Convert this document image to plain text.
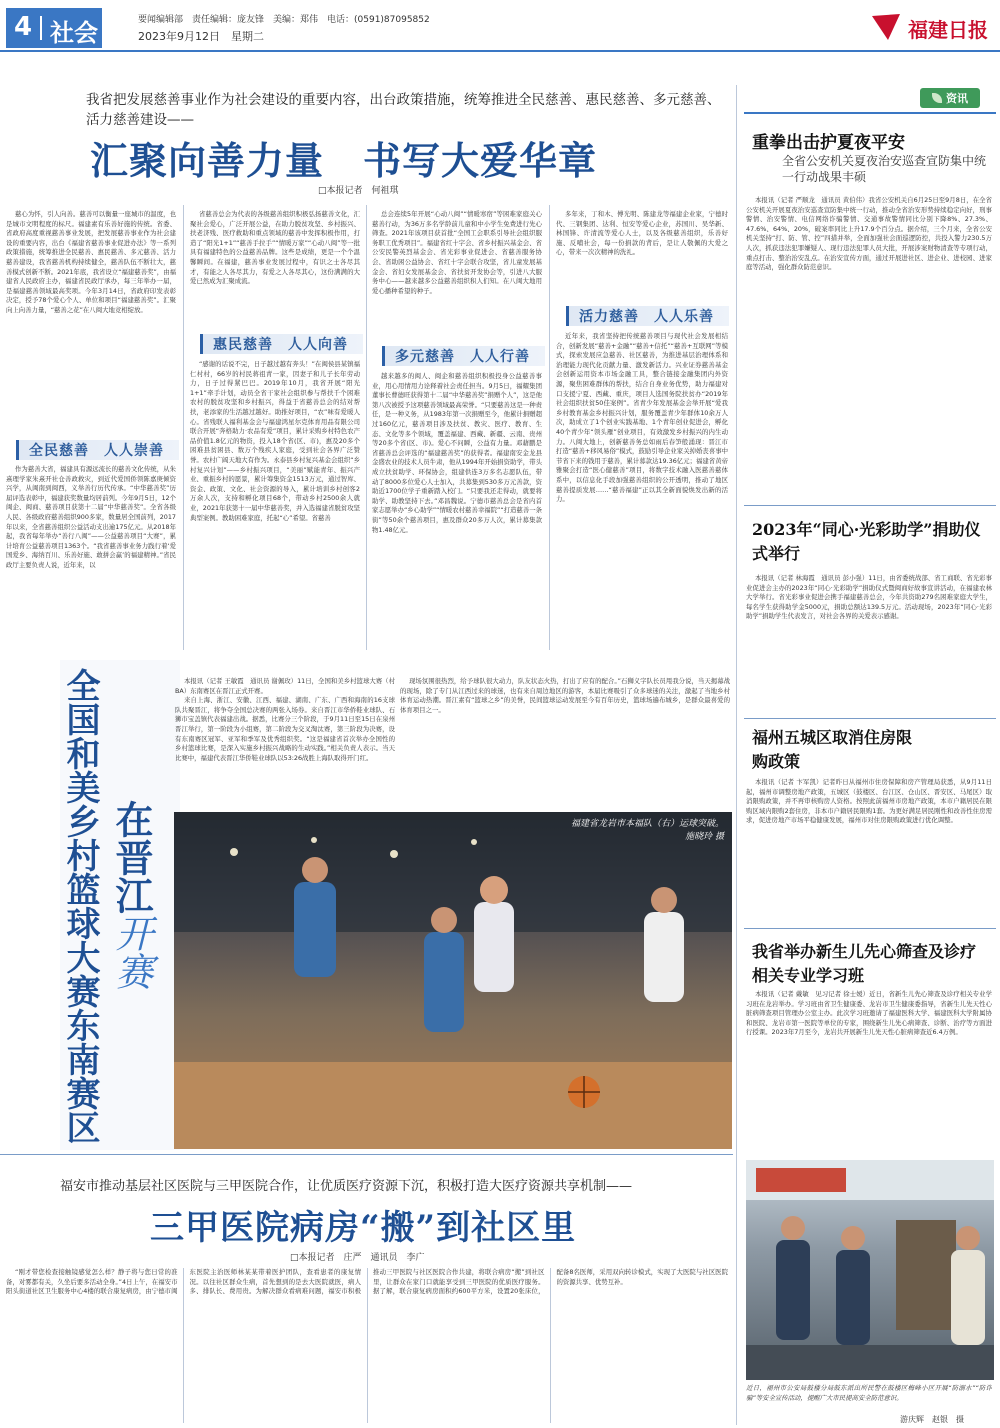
4 社会	要闻编辑部　责任编辑：庞友锋　美编：郑伟　电话：(0591)87095852
2023年9月12日　星期二	福建日报
我省把发展慈善事业作为社会建设的重要内容，出台政策措施，统筹推进全民慈善、惠民慈善、多元慈善、活力慈善建设——
汇聚向善力量　书写大爱华章
□本报记者　何祖琪

慈心为怀，引人向善。慈善可以衡量一座城市的温度，也是城市文明程度的标尺。福建素有乐善好施的传统。省委、省政府高度重视慈善事业发展，把发展慈善事业作为社会建设的重要内容，出台《福建省慈善事业促进办法》等一系列政策措施，统筹推进全民慈善、惠民慈善、多元慈善、活力慈善建设，我省慈善机构持续健全，慈善队伍不断壮大，慈善模式创新不断。2021年底，我省设立“福建慈善奖”，由福建省人民政府主办，福建省民政厅承办，每三年举办一届，是福建慈善领域最高奖项。今年3月14日，省政府印发表彰决定，授予78个爱心个人、单位和项目“福建慈善奖”。汇聚向上向善力量，“慈善之花”在八闽大地竞相绽放。

全民慈善　人人崇善

作为慈善大省，福建具有源远流长的慈善文化传统，从朱熹理学家朱熹开社仓善政救灾，到近代爱国侨领陈嘉庚倾资兴学，从闽南到闽西，义举善行历代传承。“中华慈善奖”历届评选表彰中，福建获奖数量均居前列。今年9月5日，12个闽企、闽商、慈善项目获第十二届“中华慈善奖”。全省各级人民、各级政府慈善组织900多家，数量居全国前列，2017年以来，全省慈善组织公益活动支出逾175亿元。从2018年起，我省每年举办“善行八闽”——公益慈善项目“大赛”，累计培育公益慈善项目1363个。“我省慈善事业务力践行着‘爱国爱乡、海纳百川、乐善好施、敢拼会赢’的福建精神。”省民政厅主要负责人说，近年来，以

省慈善总会为代表的各级慈善组织积极弘扬慈善文化，汇聚社会爱心，广泛开展公益，在助力脱贫攻坚、乡村振兴、扶老济残、医疗救助和重点领域的慈善中发挥积极作用，打造了“阳光1+1”“慈善手拉手”“情暖万家”“心动八闽”等一批具有福建特色的公益慈善品牌。这些是成绩，更是一个个温馨瞬间。在福建，慈善事业发展过程中，有识之士各尽其才，有能之人各尽其力，有爱之人各尽其心，这份满满的大爱已然成为汇聚成流。

惠民慈善　人人向善

“感谢的话说不完，日子越过越有奔头！”在闽侯县某镇福仁村村，66岁的村民蒋祖青一家，因妻子和儿子长年劳动力，日子过得紧巴巴。2019年10月，我省开展“阳光1+1”牵手计划，动员全省干家社会组织参与帮扶千个困难农村的脱贫攻坚和乡村振兴，得益于省慈善总会的结对帮扶，老添家的生活越过越好。助推好项目，“农”味有爱暖人心。省残联人福利基金会与福建鸿星尔克体育用品有限公司联合开展“奔格助力·农品有爱”项目，累计采购乡村特色农产品价值1.8亿元的物资，投入18个省(区、市)，惠及20多个困难县贫困县、数万个残疾人家庭，受到社会各界广泛赞誉。农村广阔天地大有作为。永泰县乡村复兴基金会组织“乡村复兴计划”——乡村振兴项目，“美丽”赋能青年、振兴产业、重振乡村的愿景，累计筹集资金1513万元，通过智库、资金、政策、文化、社会资源的导入，累计培训乡村创客2万余人次，支持和孵化项目68个，带动乡村2500余人就业，2021年获第十一届中华慈善奖，并入选福建省脱贫攻坚典型案例。教助困难家庭，托起“心”希望。省慈善

总会连续5年开展“心动八闽”“情暖寒宿”等困难家庭关心慈善行动，为36万多名学龄前儿童和中小学生免费进行先心筛查。2021年该项目获首批“全国工会职系引导社会组织服务职工优秀项目”。福建省红十字会、省乡村振兴基金会、省公安民警英烈基金会、省光彩事业促进会、省慈善服务协会、省助困公益协会、省红十字会联合攻坚，省儿童发展基金会、省妇女发展基金会、省扶贫开发协会等，引进八大服务中心——越来越多公益慈善组织积人们知。在八闽大地用爱心播种希望的种子。

多元慈善　人人行善

越来越多的闽人、闽企和慈善组织积极投身公益慈善事业，用心用情用力诠释着社会责任担当。9月5日，福耀集团董事长曹德旺获得第十二届“中华慈善奖”捐赠个人”，这是他第八次被授予这项慈善领域最高荣誉。“只要慈善这是一种责任，是一种义务，从1983年第一次捐赠至今，他累计捐赠超过160亿元，慈善项目涉及扶贫、教灾、医疗、教育、生态、文化等多个领域，覆盖福建、西藏、新疆、云南、贵州等20多个省(区、市)。爱心不问瞬，公益有力量。邓藉鹏是省慈善总会评选的“福建慈善奖”的获得者。福建南安金龙县金盛农业的技术人员牛肃，他从1994年开始捐资助学，带头成立扶贫助学、环保协会，组建供连3万多名志愿队伍，带动了8000多位爱心人士加入，共募集到530多万元善款，资助近1700位学子重新踏入校门。“只要我还走得动，就要将助学、助教坚持下去。”邓昌魏说。宁德市慈善总会是省内首家志愿举办“乡心助学”“情暖农村慈善幸福院”“打造慈善一条街”等50余个慈善项目，惠及群众20多万人次，累计募集款物1.48亿元。

多年来，丁和木、傅光明、陈建龙等福建企业家，宁德时代、三钢集团、达利、恒安等爱心企业，苏国川、吴华新、林国锋、许清流等爱心人士，以及各级慈善组织，乐善好施、反哺社会，每一份捐款的背后，是让人敬佩的大爱之心，带来一次次精神的洗礼。

活力慈善　人人乐善

近年来，我省坚持把传统慈善项目与现代社会发展相结合，创新发展“慈善+金融”“慈善+信托”“慈善+互联网”等模式，探索发展应急慈善、社区慈善，为推进基层治理体系和治理能力现代化贡献力量、激发新活力。兴业证券慈善基金会创新运用资本市场金融工具，整合链接金融集团内外资源，聚焦困难群体的帮扶，结合自身业务优势，助力福建对口支援宁夏、西藏、重庆，项目人选国务院扶贫办“2019年社会组织扶贫50佳案例”。省青少年发展基金会举开展“爱我乡村教育基金乡村振兴计划，服务覆盖青少年群体10余万人次，助成立了1个创业实践基地、1个青年创业促进会，孵化40个青少年“领头雁”创业项目，有效激发乡村振兴的内生动力。八闽大地上，创新慈善务总如雨后春笋般涌现：晋江市打造“慈善+移风易俗”模式，鼓励引导企业家关掉婚丧喜事中节省下来的钱用于慈善，累计募款达19.36亿元；福建省黄帝雅聚会打造“医心健慈善”项目，将数字技术融入医慈善慈体系中，以信息化手段加强慈善组织的公开透明，推动了地区慈善提质发展……“慈善福建”正以其全新面貌焕发出新的活力。

全国和美乡村篮球大赛东南赛区 在晋江开赛

本报讯（记者 王敏霞　通讯员 谢佩玫）11日，全国和美乡村篮球大赛（村BA）东南赛区在晋江正式开赛。

来自上海、浙江、安徽、江西、福建、湖南、广东、广西和海南的16支球队共聚晋江，将争夺全国总决赛的两张入场券。来自晋江市华侨鞋业球队、石狮市宝盖镇代表福建出战。据悉，比赛分三个阶段，于9月11日至15日在泉州晋江举行，第一阶段为小组赛，第二阶段为交叉淘汰赛，第三阶段为决赛，设有东南赛区冠军、亚军和季军及优秀组织奖。“这是福建省首次举办全国性的乡村篮球比赛，是深入实施乡村振兴战略的生动实践。”相关负责人表示。当天比赛中，福建代表晋江华侨鞋业球队以53:26战胜上海队取得开门红。

现场氛围很热烈，给予球队很大动力，队友状态火热，打出了应有的配合。”石狮义字队长员甩我分说，当天揭幕战的现场，除了专门从江西过来的球迷，也有来自周边地区的游客，本届比赛吸引了众多球迷的关注，激起了当地乡村体育运动热潮。晋江素有“篮球之乡”的美誉，民间篮球运动发展至今有百年历史，篮球场遍布城乡，是群众最喜爱的体育项目之一。

福建省龙岩市本福队（右）运球突破。
施晓玲 摄
福安市推动基层社区医院与三甲医院合作，让优质医疗资源下沉，积极打造大医疗资源共享机制——
三甲医院病房“搬”到社区里
□本报记者　庄严　通讯员　李广

“刚才带您检查接触镜感觉怎么样？静子将与您日常的准备，对雾都有关，久坐后要多活动全身。”4日上午，在福安市阳头街道社区卫生服务中心4楼的联合康复病房，由宁德市闽东医院主治医师林某某带着医护团队，查看患者的康复情况。以往社区群众生病，首先想到的是去大医院就医，病人多、排队长、费用贵。为解决群众看病难问题，福安市积极推动三甲医院与社区医院合作共建，将联合病房“搬”到社区里，让群众在家门口就能享受到三甲医院的优质医疗服务。据了解，联合康复病房面积约600平方米，设置20张床位，配备8名医师，采用双向转诊模式，实现了大医院与社区医院的资源共享、优势互补。

资讯
重拳出击护夏夜平安
全省公安机关夏夜治安巡查宣防集中统一行动战果丰硕

本报讯（记者 严顺龙　通讯员 黄伯伟）我省公安机关自6月25日至9月8日，在全省公安机关开展夏夜治安巡查宣防集中统一行动，推动全省治安形势持续稳定向好，刑事警情、治安警情、电信网络诈骗警情、交通事故警情同比分别下降8%、27.3%、47.6%、64%、20%，破案率同比上升17.9个百分点。据介绍，三个月来，全省公安机关坚持“打、防、管、控”四措并举，全面加强社会面巡逻防控，共投入警力230.5万人次，抓获违法犯罪嫌疑人、现行违法犯罪人员大批，开展涉案财物清查等专项行动，重点打击、整治治安乱点。在治安宣传方面，通过开展进社区、进企业、进校园、进家庭等活动，强化群众防范意识。

2023年“同心·光彩助学”捐助仪式举行

本报讯（记者 林海霞　通讯员 彭小强）11日，由省委统战部、省工商联、省光彩事业促进会主办的2023年“同心·光彩助学”捐助仪式暨闽商好故事宣讲活动，在福建农林大学举行。省光彩事业促进会携手福建慈善总会，今年共资助279名困难家庭大学生，每名学生获得助学金5000元，捐助总额达139.5万元。活动现场，2023年“同心·光彩助学”捐助学生代表发言，对社会各界的关爱表示感谢。

福州五城区取消住房限购政策

本报讯（记者 卞军凯）记者昨日从福州市住房保障和房产管理局获悉，从9月11日起，福州市调整房地产政策，五城区（鼓楼区、台江区、仓山区、晋安区、马尾区）取消限购政策，并不再审核购房人资格。按照此前福州市房地产政策，本市户籍居民在限购区域内限购2套住房，非本市户籍居民限购1套。为更好满足居民刚性和改善性住房需求，促进房地产市场平稳健康发展，福州市对住房限购政策进行优化调整。

我省举办新生儿先心筛查及诊疗相关专业学习班

本报讯（记者 戴敏　见习记者 徐士媛）近日，省新生儿先心筛查及诊疗相关专业学习班在龙岩举办。学习班由省卫生健康委、龙岩市卫生健康委指导，省新生儿先天性心脏病筛查项目管理办公室主办。此次学习班邀请了福建医科大学、福建医科大学附属协和医院、龙岩市第一医院等单位的专家，围绕新生儿先心病筛查、诊断、治疗等方面进行授课。2023年7月至今，龙岩共开展新生儿先天性心脏病筛查近6.4万例。

近日，福州市公安局鼓楼分局鼓东派出所民警在鼓楼区梅峰小区开展“防溺水”“防诈骗”等安全宣传活动，提醒广大市民提高安全防范意识。
游庆辉　赵银　摄
